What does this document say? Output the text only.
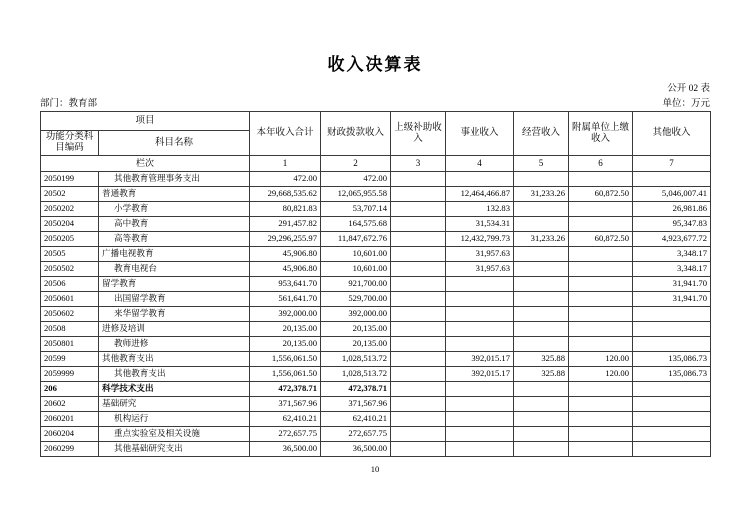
收入决算表
公开 02 表
部门：教育部	单位：万元
项目		本年收入合计	财政拨款收入	上级补助收入	事业收入	经营收入	附属单位上缴收入	其他收入
功能分类科目编码	科目名称							
栏次		1	2	3	4	5	6	7
2050199	其他教育管理事务支出	472.00	472.00					
20502	普通教育	29,668,535.62	12,065,955.58		12,464,466.87	31,233.26	60,872.50	5,046,007.41
2050202	小学教育	80,821.83	53,707.14		132.83			26,981.86
2050204	高中教育	291,457.82	164,575.68		31,534.31			95,347.83
2050205	高等教育	29,296,255.97	11,847,672.76		12,432,799.73	31,233.26	60,872.50	4,923,677.72
20505	广播电视教育	45,906.80	10,601.00		31,957.63			3,348.17
2050502	教育电视台	45,906.80	10,601.00		31,957.63			3,348.17
20506	留学教育	953,641.70	921,700.00					31,941.70
2050601	出国留学教育	561,641.70	529,700.00					31,941.70
2050602	来华留学教育	392,000.00	392,000.00					
20508	进修及培训	20,135.00	20,135.00					
2050801	教师进修	20,135.00	20,135.00					
20599	其他教育支出	1,556,061.50	1,028,513.72		392,015.17	325.88	120.00	135,086.73
2059999	其他教育支出	1,556,061.50	1,028,513.72		392,015.17	325.88	120.00	135,086.73
206	科学技术支出	472,378.71	472,378.71					
20602	基础研究	371,567.96	371,567.96					
2060201	机构运行	62,410.21	62,410.21					
2060204	重点实验室及相关设施	272,657.75	272,657.75					
2060299	其他基础研究支出	36,500.00	36,500.00					
10
